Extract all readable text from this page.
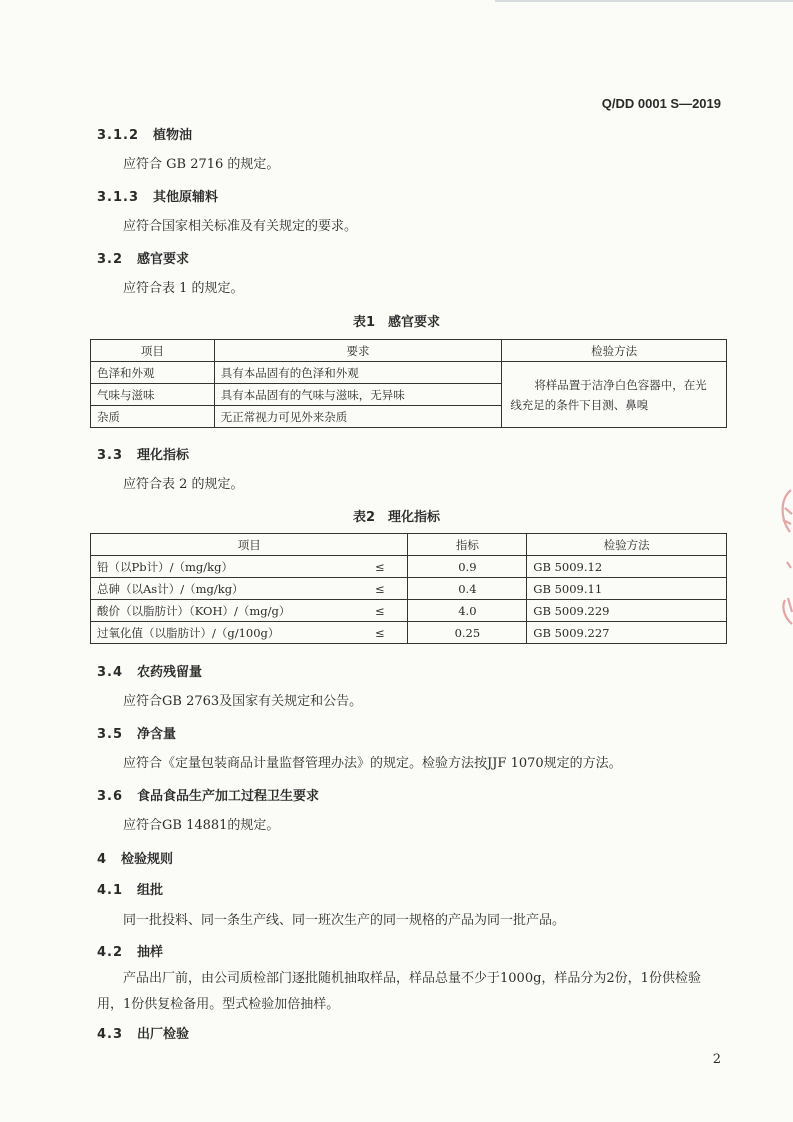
Q/DD 0001 S—2019
3.1.2 植物油
应符合 GB 2716 的规定。
3.1.3 其他原辅料
应符合国家相关标准及有关规定的要求。
3.2 感官要求
应符合表 1 的规定。
表1　感官要求
项目	要求	检验方法
色泽和外观	具有本品固有的色泽和外观	将样品置于洁净白色容器中，在光线充足的条件下目测、鼻嗅
气味与滋味	具有本品固有的气味与滋味，无异味	
杂质	无正常视力可见外来杂质	
3.3 理化指标
应符合表 2 的规定。
表2　理化指标
项目		指标	检验方法
铅（以Pb计）/（mg/kg）	≤	0.9	GB 5009.12
总砷（以As计）/（mg/kg）	≤	0.4	GB 5009.11
酸价（以脂肪计）（KOH）/（mg/g）	≤	4.0	GB 5009.229
过氧化值（以脂肪计）/（g/100g）	≤	0.25	GB 5009.227
3.4 农药残留量
应符合GB 2763及国家有关规定和公告。
3.5 净含量
应符合《定量包装商品计量监督管理办法》的规定。检验方法按JJF 1070规定的方法。
3.6 食品食品生产加工过程卫生要求
应符合GB 14881的规定。
4 检验规则
4.1 组批
同一批投料、同一条生产线、同一班次生产的同一规格的产品为同一批产品。
4.2 抽样
产品出厂前，由公司质检部门逐批随机抽取样品，样品总量不少于1000g，样品分为2份，1份供检验用，1份供复检备用。型式检验加倍抽样。
4.3 出厂检验
2
